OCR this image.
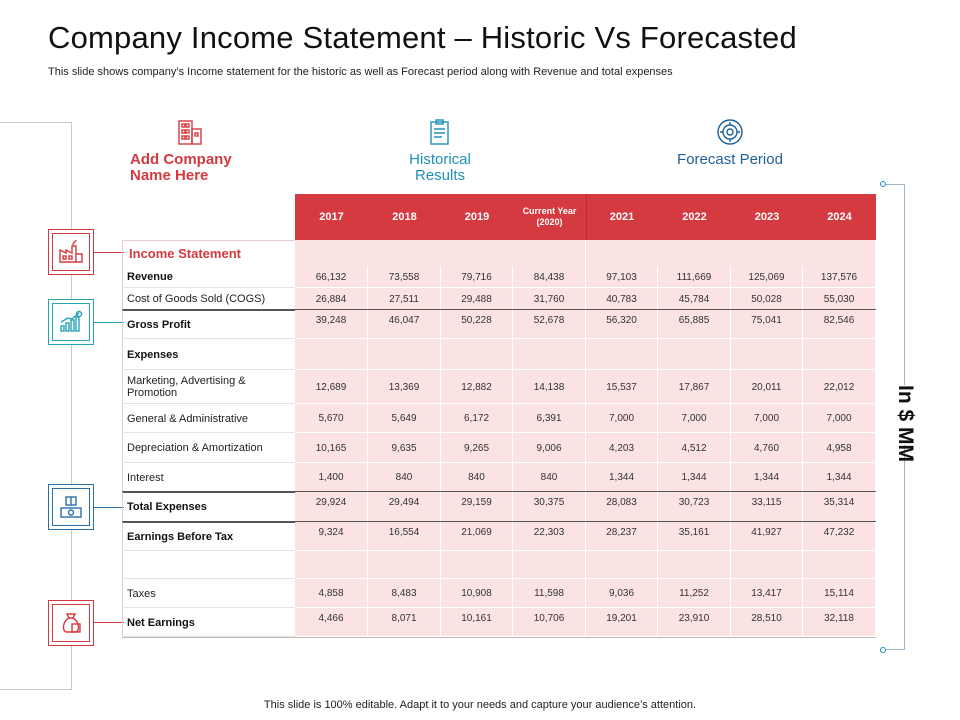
Company Income Statement – Historic Vs Forecasted
This slide shows company’s Income statement for the historic as well as Forecast period along with Revenue and total expenses
Add Company Name Here
Historical Results
Forecast Period
In $ MM
2017	2018	2019	Current Year (2020)	2021	2022	2023	2024
Income Statement
Revenue	66,132	73,558	79,716	84,438	97,103	111,669	125,069	137,576
Cost of Goods Sold (COGS)	26,884	27,511	29,488	31,760	40,783	45,784	50,028	55,030
Gross Profit	39,248	46,047	50,228	52,678	56,320	65,885	75,041	82,546
Expenses
Marketing, Advertising & Promotion	12,689	13,369	12,882	14,138	15,537	17,867	20,011	22,012
General & Administrative	5,670	5,649	6,172	6,391	7,000	7,000	7,000	7,000
Depreciation & Amortization	10,165	9,635	9,265	9,006	4,203	4,512	4,760	4,958
Interest	1,400	840	840	840	1,344	1,344	1,344	1,344
Total Expenses	29,924	29,494	29,159	30,375	28,083	30,723	33,115	35,314
Earnings Before Tax	9,324	16,554	21,069	22,303	28,237	35,161	41,927	47,232
Taxes	4,858	8,483	10,908	11,598	9,036	11,252	13,417	15,114
Net Earnings	4,466	8,071	10,161	10,706	19,201	23,910	28,510	32,118
This slide is 100% editable. Adapt it to your needs and capture your audience’s attention.
